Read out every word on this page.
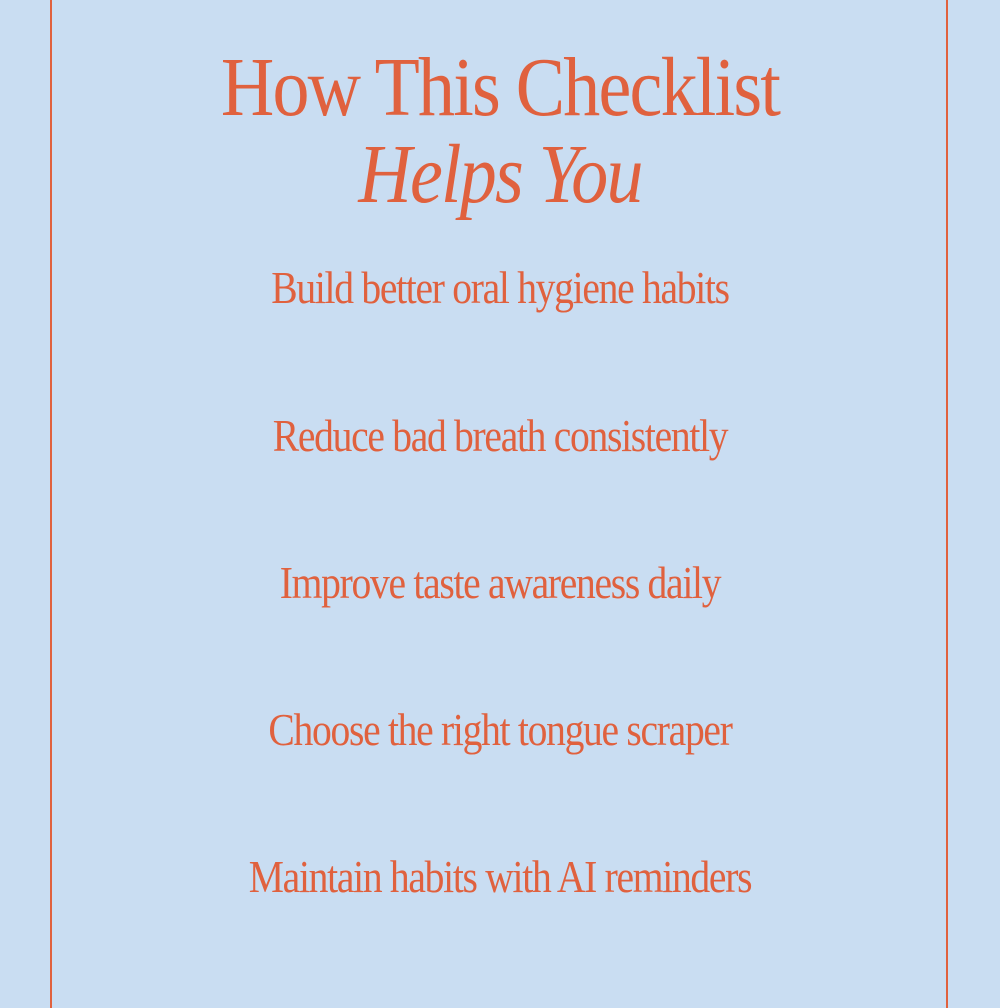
How This Checklist
Helps You
Build better oral hygiene habits
Reduce bad breath consistently
Improve taste awareness daily
Choose the right tongue scraper
Maintain habits with AI reminders
